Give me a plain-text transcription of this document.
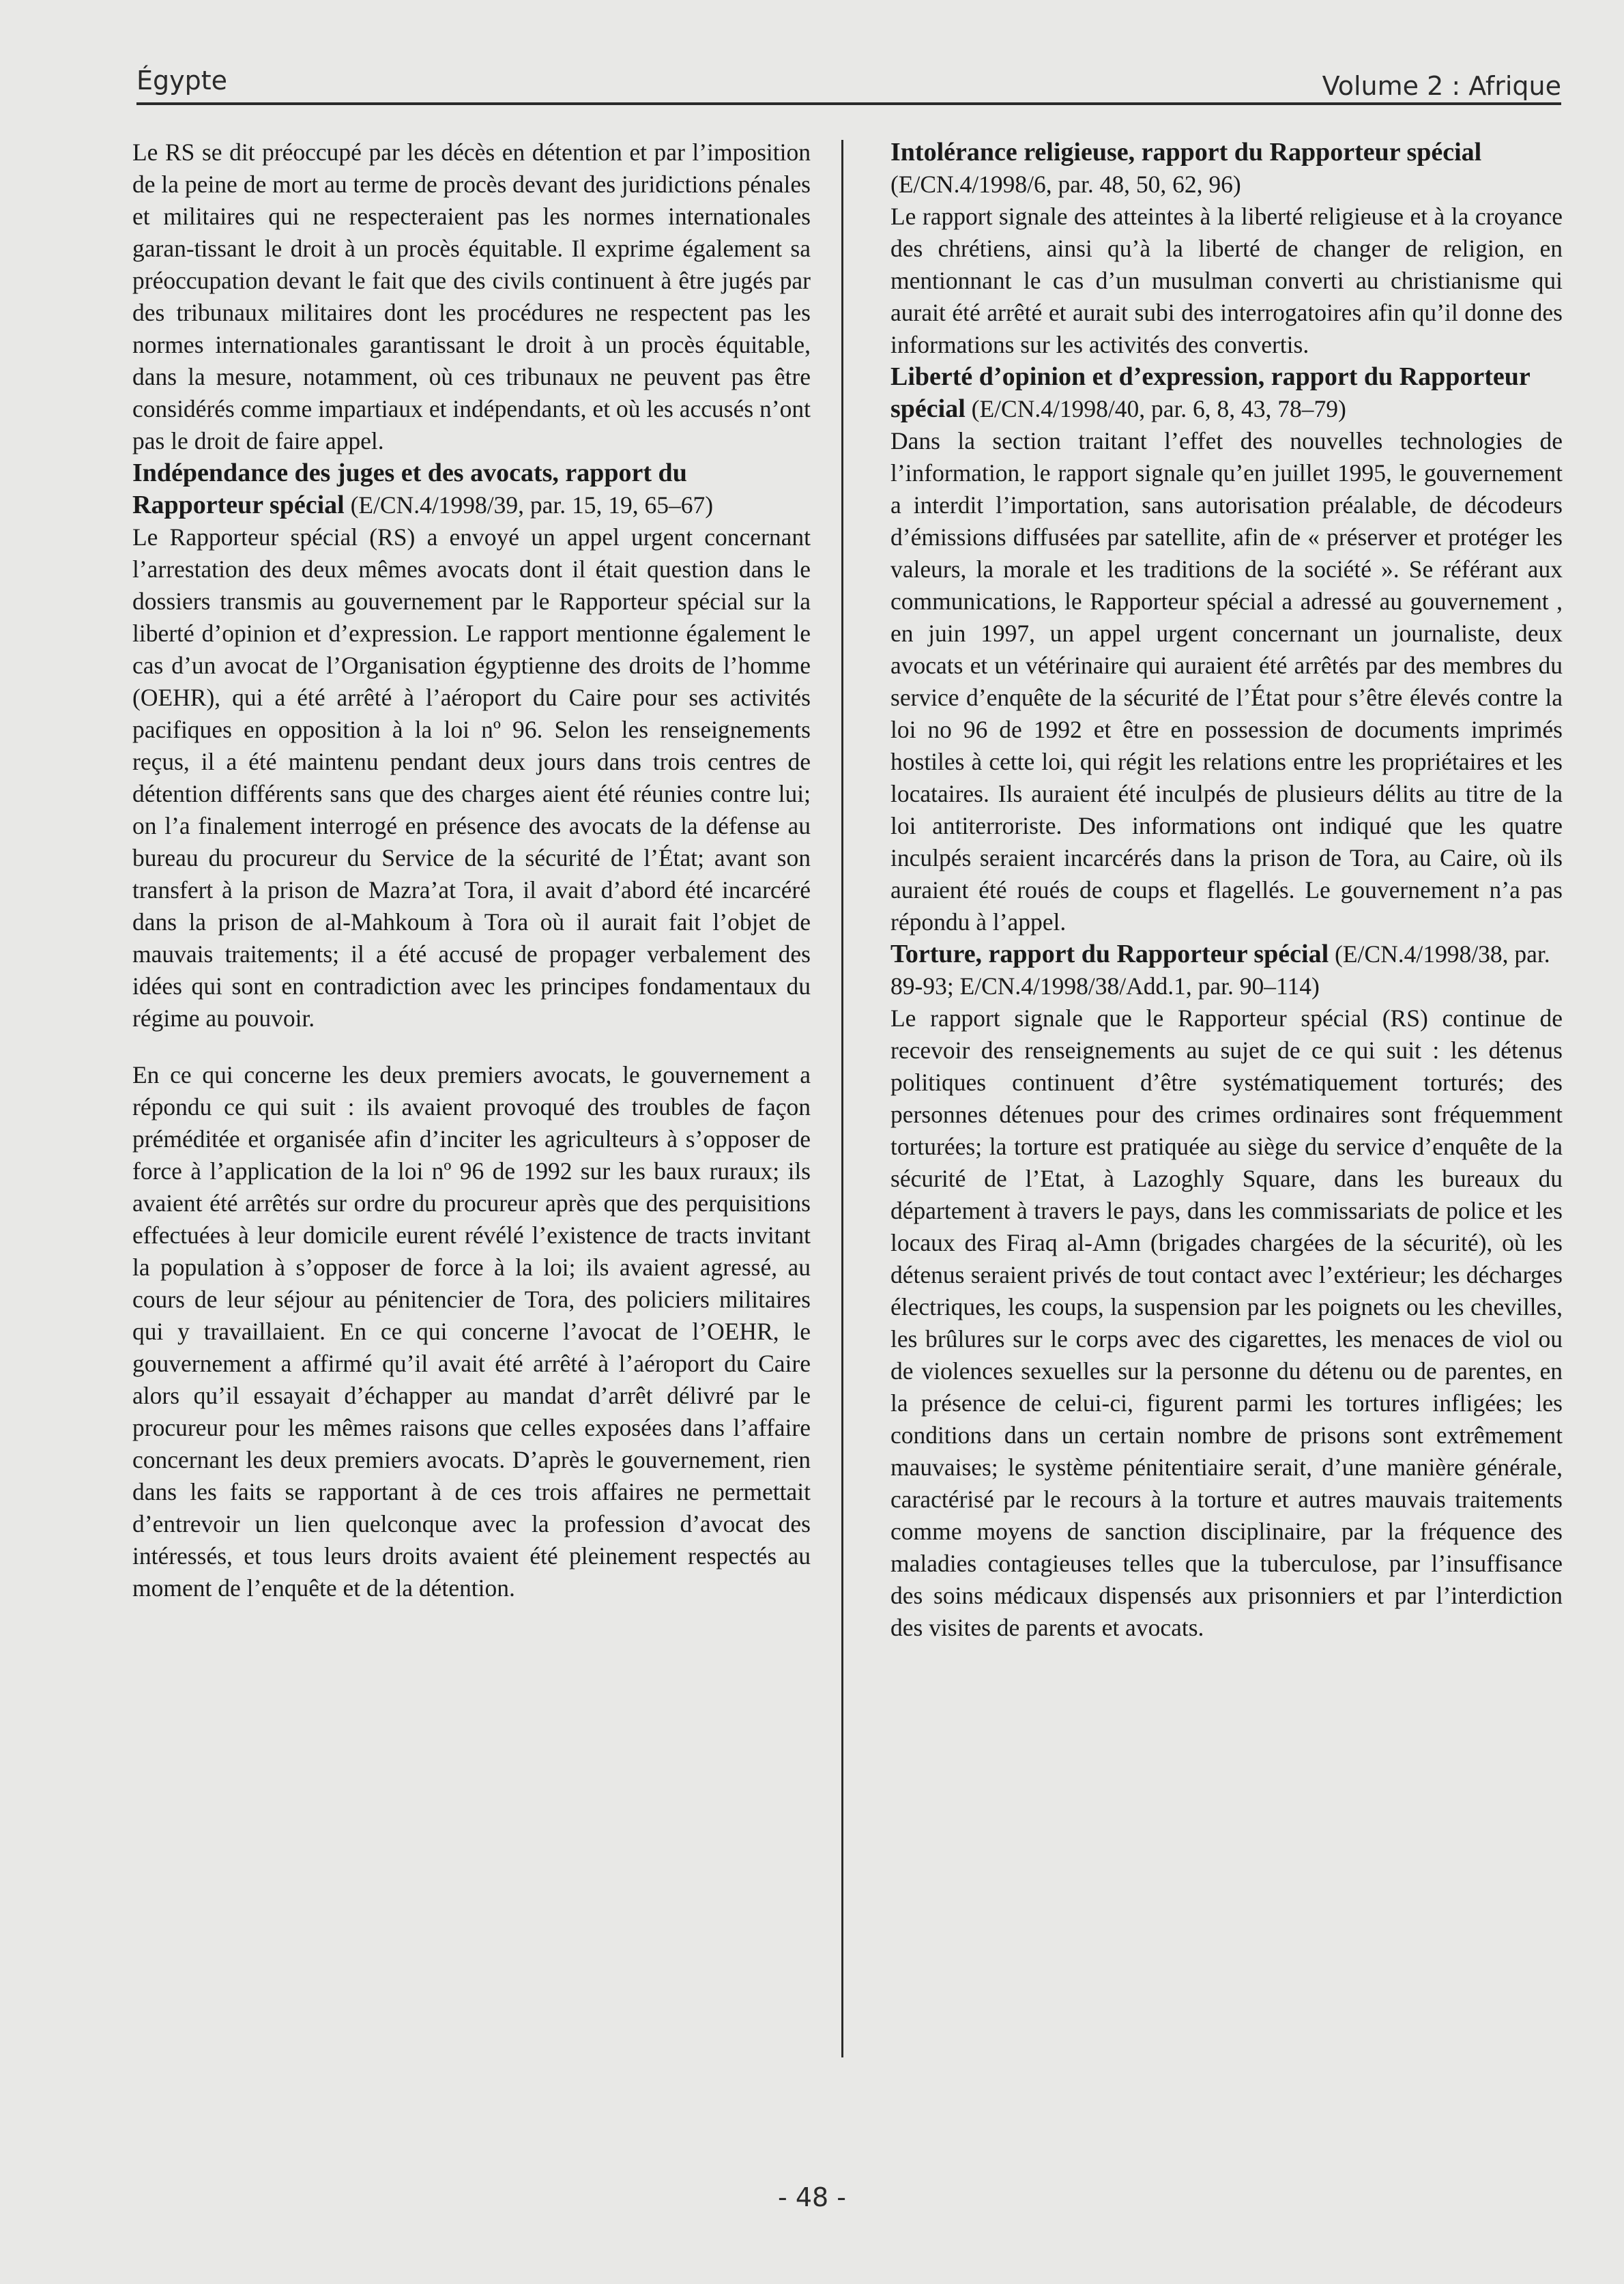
Égypte	Volume 2 : Afrique

Le RS se dit préoccupé par les décès en détention et par l’imposition de la peine de mort au terme de procès devant des juridictions pénales et militaires qui ne respecteraient pas les normes internationales garan-tissant le droit à un procès équitable. Il exprime également sa préoccupation devant le fait que des civils continuent à être jugés par des tribunaux militaires dont les procédures ne respectent pas les normes internationales garantissant le droit à un procès équitable, dans la mesure, notamment, où ces tribunaux ne peuvent pas être considérés comme impartiaux et indépendants, et où les accusés n’ont pas le droit de faire appel.

Indépendance des juges et des avocats, rapport du Rapporteur spécial (E/CN.4/1998/39, par. 15, 19, 65–67)

Le Rapporteur spécial (RS) a envoyé un appel urgent concernant l’arrestation des deux mêmes avocats dont il était question dans le dossiers transmis au gouvernement par le Rapporteur spécial sur la liberté d’opinion et d’expression. Le rapport mentionne également le cas d’un avocat de l’Organisation égyptienne des droits de l’homme (OEHR), qui a été arrêté à l’aéroport du Caire pour ses activités pacifiques en opposition à la loi nº 96. Selon les renseignements reçus, il a été maintenu pendant deux jours dans trois centres de détention différents sans que des charges aient été réunies contre lui; on l’a finalement interrogé en présence des avocats de la défense au bureau du procureur du Service de la sécurité de l’État; avant son transfert à la prison de Mazra’at Tora, il avait d’abord été incarcéré dans la prison de al-Mahkoum à Tora où il aurait fait l’objet de mauvais traitements; il a été accusé de propager verbalement des idées qui sont en contradiction avec les principes fondamentaux du régime au pouvoir.

En ce qui concerne les deux premiers avocats, le gouvernement a répondu ce qui suit : ils avaient provoqué des troubles de façon préméditée et organisée afin d’inciter les agriculteurs à s’opposer de force à l’application de la loi nº 96 de 1992 sur les baux ruraux; ils avaient été arrêtés sur ordre du procureur après que des perquisitions effectuées à leur domicile eurent révélé l’existence de tracts invitant la population à s’opposer de force à la loi; ils avaient agressé, au cours de leur séjour au pénitencier de Tora, des policiers militaires qui y travaillaient. En ce qui concerne l’avocat de l’OEHR, le gouvernement a affirmé qu’il avait été arrêté à l’aéroport du Caire alors qu’il essayait d’échapper au mandat d’arrêt délivré par le procureur pour les mêmes raisons que celles exposées dans l’affaire concernant les deux premiers avocats. D’après le gouvernement, rien dans les faits se rapportant à de ces trois affaires ne permettait d’entrevoir un lien quelconque avec la profession d’avocat des intéressés, et tous leurs droits avaient été pleinement respectés au moment de l’enquête et de la détention.

Intolérance religieuse, rapport du Rapporteur spécial (E/CN.4/1998/6, par. 48, 50, 62, 96)

Le rapport signale des atteintes à la liberté religieuse et à la croyance des chrétiens, ainsi qu’à la liberté de changer de religion, en mentionnant le cas d’un musulman converti au christianisme qui aurait été arrêté et aurait subi des interrogatoires afin qu’il donne des informations sur les activités des convertis.

Liberté d’opinion et d’expression, rapport du Rapporteur spécial (E/CN.4/1998/40, par. 6, 8, 43, 78–79)

Dans la section traitant l’effet des nouvelles technologies de l’information, le rapport signale qu’en juillet 1995, le gouvernement a interdit l’importation, sans autorisation préalable, de décodeurs d’émissions diffusées par satellite, afin de « préserver et protéger les valeurs, la morale et les traditions de la société ». Se référant aux communications, le Rapporteur spécial a adressé au gouvernement , en juin 1997, un appel urgent concernant un journaliste, deux avocats et un vétérinaire qui auraient été arrêtés par des membres du service d’enquête de la sécurité de l’État pour s’être élevés contre la loi no 96 de 1992 et être en possession de documents imprimés hostiles à cette loi, qui régit les relations entre les propriétaires et les locataires. Ils auraient été inculpés de plusieurs délits au titre de la loi antiterroriste. Des informations ont indiqué que les quatre inculpés seraient incarcérés dans la prison de Tora, au Caire, où ils auraient été roués de coups et flagellés. Le gouvernement n’a pas répondu à l’appel.

Torture, rapport du Rapporteur spécial (E/CN.4/1998/38, par. 89-93; E/CN.4/1998/38/Add.1, par. 90–114)

Le rapport signale que le Rapporteur spécial (RS) continue de recevoir des renseignements au sujet de ce qui suit : les détenus politiques continuent d’être systématiquement torturés; des personnes détenues pour des crimes ordinaires sont fréquemment torturées; la torture est pratiquée au siège du service d’enquête de la sécurité de l’Etat, à Lazoghly Square, dans les bureaux du département à travers le pays, dans les commissariats de police et les locaux des Firaq al-Amn (brigades chargées de la sécurité), où les détenus seraient privés de tout contact avec l’extérieur; les décharges électriques, les coups, la suspension par les poignets ou les chevilles, les brûlures sur le corps avec des cigarettes, les menaces de viol ou de violences sexuelles sur la personne du détenu ou de parentes, en la présence de celui-ci, figurent parmi les tortures infligées; les conditions dans un certain nombre de prisons sont extrêmement mauvaises; le système pénitentiaire serait, d’une manière générale, caractérisé par le recours à la torture et autres mauvais traitements comme moyens de sanction disciplinaire, par la fréquence des maladies contagieuses telles que la tuberculose, par l’insuffisance des soins médicaux dispensés aux prisonniers et par l’interdiction des visites de parents et avocats.

- 48 -
